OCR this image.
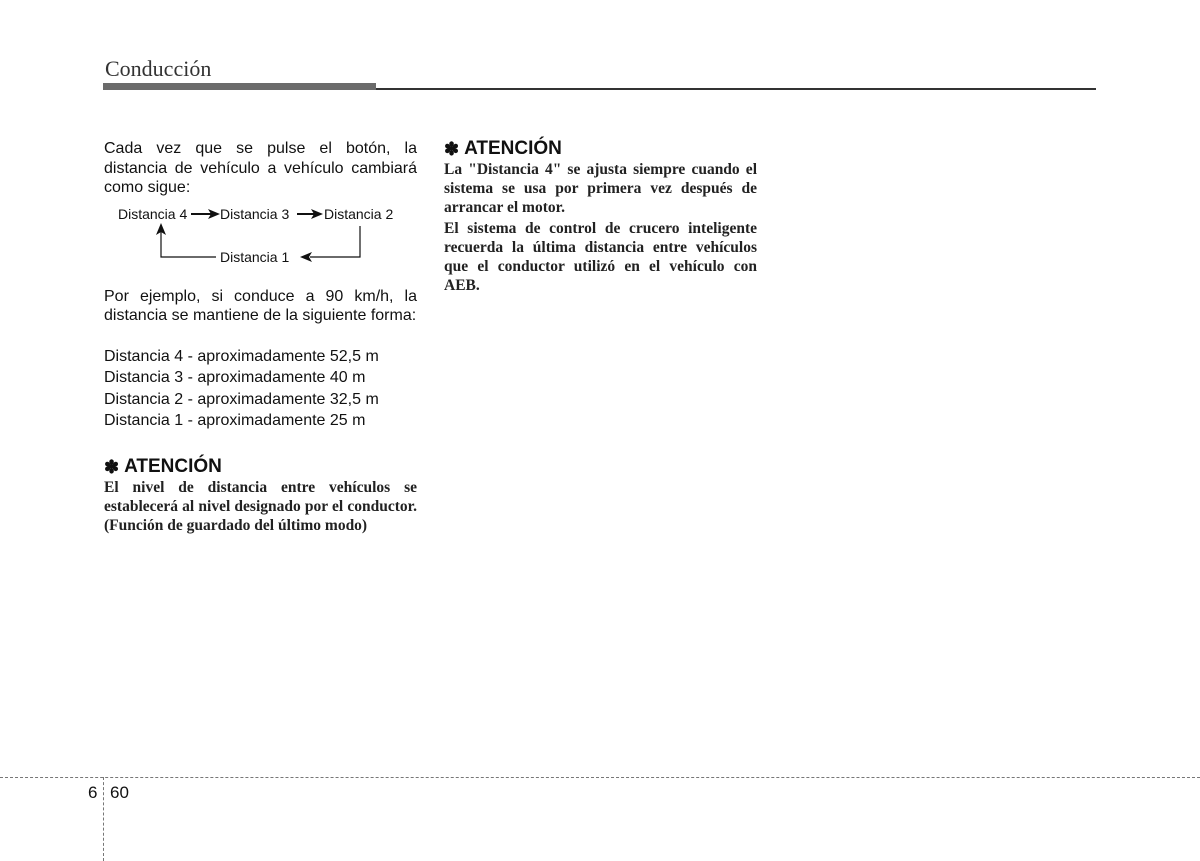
Conducción

Cada vez que se pulse el botón, la distancia de vehículo a vehículo cambiará como sigue:

Distancia 4 Distancia 3 Distancia 2
Distancia 1

Por ejemplo, si conduce a 90 km/h, la distancia se mantiene de la siguiente forma:

Distancia 4 - aproximadamente 52,5 m
Distancia 3 - aproximadamente 40 m
Distancia 2 - aproximadamente 32,5 m
Distancia 1 - aproximadamente 25 m
✽ ATENCIÓN

El nivel de distancia entre vehículos se establecerá al nivel designado por el conductor. (Función de guardado del último modo)

✽ ATENCIÓN

La "Distancia 4" se ajusta siempre cuando el sistema se usa por primera vez después de arrancar el motor.

El sistema de control de crucero inteligente recuerda la última distancia entre vehículos que el conductor utilizó en el vehículo con AEB.

6 60
